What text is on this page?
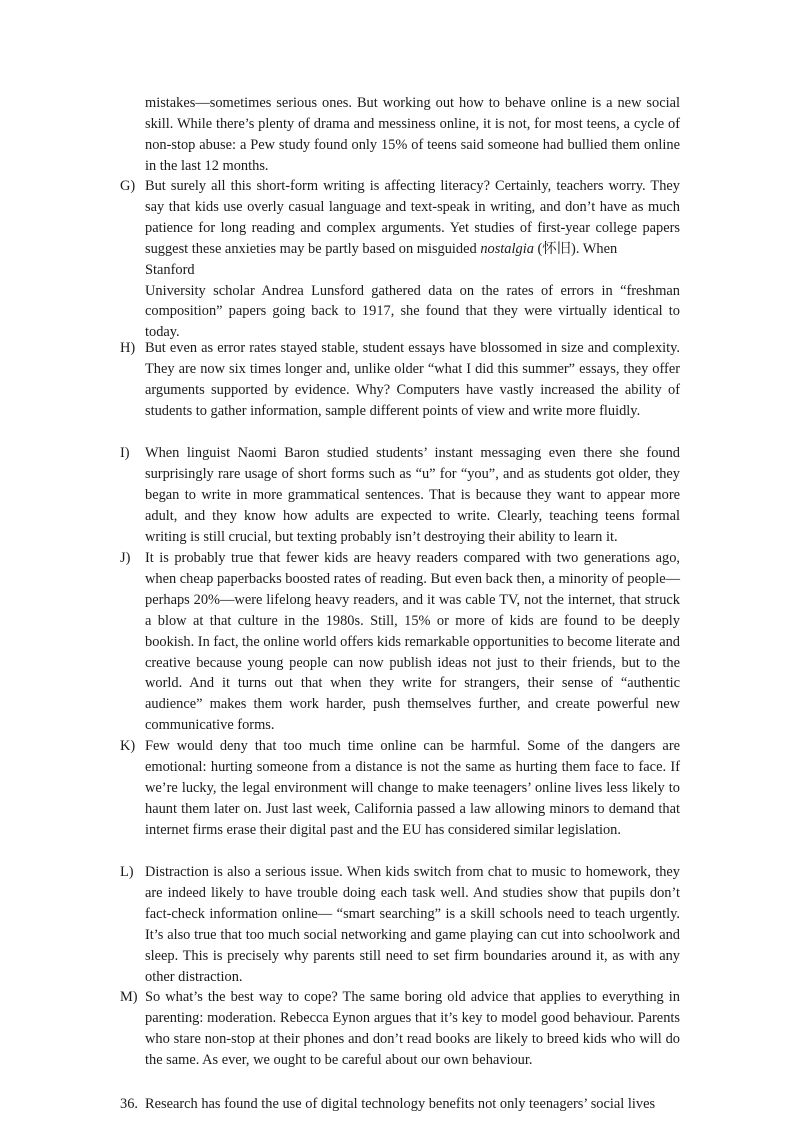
mistakes—sometimes serious ones. But working out how to behave online is a new social skill. While there’s plenty of drama and messiness online, it is not, for most teens, a cycle of non-stop abuse: a Pew study found only 15% of teens said someone had bullied them online in the last 12 months.
G) But surely all this short-form writing is affecting literacy? Certainly, teachers worry. They say that kids use overly casual language and text-speak in writing, and don’t have as much patience for long reading and complex arguments. Yet studies of first-year college papers suggest these anxieties may be partly based on misguided nostalgia (怀旧). When

Stanford

University scholar Andrea Lunsford gathered data on the rates of errors in “freshman composition” papers going back to 1917, she found that they were virtually identical to today.

H) But even as error rates stayed stable, student essays have blossomed in size and complexity. They are now six times longer and, unlike older “what I did this summer” essays, they offer arguments supported by evidence. Why? Computers have vastly increased the ability of students to gather information, sample different points of view and write more fluidly.
I)	When linguist Naomi Baron studied students’ instant messaging even there she found surprisingly rare usage of short forms such as “u” for “you”, and as students got older, they began to write in more grammatical sentences. That is because they want to appear more adult, and they know how adults are expected to write. Clearly, teaching teens formal writing is still crucial, but texting probably isn’t destroying their ability to learn it.
J)	It is probably true that fewer kids are heavy readers compared with two generations ago, when cheap paperbacks boosted rates of reading. But even back then, a minority of people—perhaps 20%—were lifelong heavy readers, and it was cable TV, not the internet, that struck a blow at that culture in the 1980s. Still, 15% or more of kids are found to be deeply bookish. In fact, the online world offers kids remarkable opportunities to become literate and creative because young people can now publish ideas not just to their friends, but to the world. And it turns out that when they write for strangers, their sense of “authentic audience” makes them work harder, push themselves further, and create powerful new communicative forms.
K) Few would deny that too much time online can be harmful. Some of the dangers are emotional: hurting someone from a distance is not the same as hurting them face to face. If we’re lucky, the legal environment will change to make teenagers’ online lives less likely to haunt them later on. Just last week, California passed a law allowing minors to demand that internet firms erase their digital past and the EU has considered similar legislation.
L) Distraction is also a serious issue. When kids switch from chat to music to homework, they are indeed likely to have trouble doing each task well. And studies show that pupils don’t fact-check information online— “smart searching” is a skill schools need to teach urgently. It’s also true that too much social networking and game playing can cut into schoolwork and sleep. This is precisely why parents still need to set firm boundaries around it, as with any other distraction.
M) So what’s the best way to cope? The same boring old advice that applies to everything in parenting: moderation. Rebecca Eynon argues that it’s key to model good behaviour. Parents who stare non-stop at their phones and don’t read books are likely to breed kids who will do the same. As ever, we ought to be careful about our own behaviour.
36. Research has found the use of digital technology benefits not only teenagers’ social lives
